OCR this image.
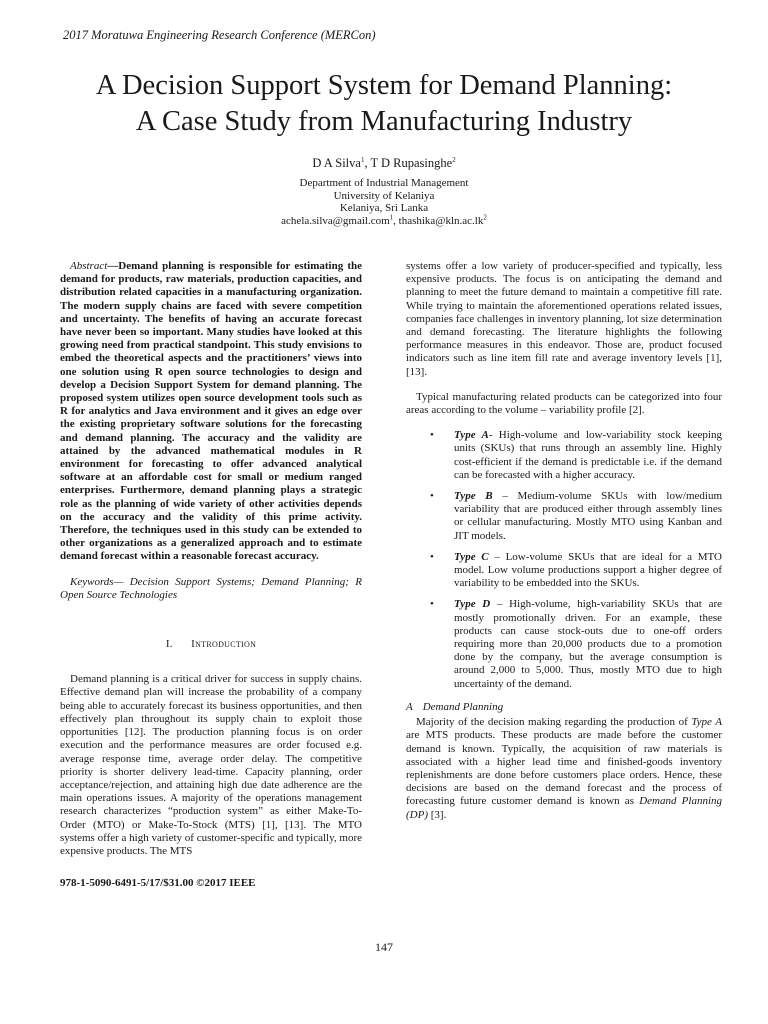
2017 Moratuwa Engineering Research Conference (MERCon)
A Decision Support System for Demand Planning:
A Case Study from Manufacturing Industry
D A Silva$^1$, T D Rupasinghe$^2$
Department of Industrial Management
University of Kelaniya
Kelaniya, Sri Lanka
achela.silva@gmail.com$^1$, $thashika@kln.ac.lk^2$

Abstract—Demand planning is responsible for estimating the demand for products, raw materials, production capacities, and distribution related capacities in a manufacturing organization. The modern supply chains are faced with severe competition and uncertainty. The benefits of having an accurate forecast have never been so important. Many studies have looked at this growing need from practical standpoint. This study envisions to embed the theoretical aspects and the practitioners’ views into one solution using R open source technologies to design and develop a Decision Support System for demand planning. The proposed system utilizes open source development tools such as R for analytics and Java environment and it gives an edge over the existing proprietary software solutions for the forecasting and demand planning. The accuracy and the validity are attained by the advanced mathematical modules in R environment for forecasting to offer advanced analytical software at an affordable cost for small or medium ranged enterprises. Furthermore, demand planning plays a strategic role as the planning of wide variety of other activities depends on the accuracy and the validity of this prime activity. Therefore, the techniques used in this study can be extended to other organizations as a generalized approach and to estimate demand forecast within a reasonable forecast accuracy.

Keywords— Decision Support Systems; Demand Planning; R Open Source Technologies

I. Introduction

Demand planning is a critical driver for success in supply chains. Effective demand plan will increase the probability of a company being able to accurately forecast its business opportunities, and then effectively plan throughout its supply chain to exploit those opportunities [12]. The production planning focus is on order execution and the performance measures are order focused e.g. average response time, average order delay. The competitive priority is shorter delivery lead-time. Capacity planning, order acceptance/rejection, and attaining high due date adherence are the main operations issues. A majority of the operations management research characterizes “production system” as either Make-To-Order (MTO) or Make-To-Stock (MTS) [1], [13]. The MTO systems offer a high variety of customer-specific and typically, more expensive products. The MTS

978-1-5090-6491-5/17/$31.00 ©2017 IEEE

systems offer a low variety of producer-specified and typically, less expensive products. The focus is on anticipating the demand and planning to meet the future demand to maintain a competitive fill rate. While trying to maintain the aforementioned operations related issues, companies face challenges in inventory planning, lot size determination and demand forecasting. The literature highlights the following performance measures in this endeavor. Those are, product focused indicators such as line item fill rate and average inventory levels [1], [13].

Typical manufacturing related products can be categorized into four areas according to the volume – variability profile [2].

• Type A- High-volume and low-variability stock keeping units (SKUs) that runs through an assembly line. Highly cost-efficient if the demand is predictable i.e. if the demand can be forecasted with a higher accuracy.
• Type B – Medium-volume SKUs with low/medium variability that are produced either through assembly lines or cellular manufacturing. Mostly MTO using Kanban and JIT models.
• Type C – Low-volume SKUs that are ideal for a MTO model. Low volume productions support a higher degree of variability to be embedded into the SKUs.
• Type D – High-volume, high-variability SKUs that are mostly promotionally driven. For an example, these products can cause stock-outs due to one-off orders requiring more than 20,000 products due to a promotion done by the company, but the average consumption is around 2,000 to 5,000. Thus, mostly MTO due to high uncertainty of the demand.
A Demand Planning

Majority of the decision making regarding the production of Type A are MTS products. These products are made before the customer demand is known. Typically, the acquisition of raw materials is associated with a higher lead time and finished-goods inventory replenishments are done before customers place orders. Hence, these decisions are based on the demand forecast and the process of forecasting future customer demand is known as Demand Planning (DP) [3].

147
